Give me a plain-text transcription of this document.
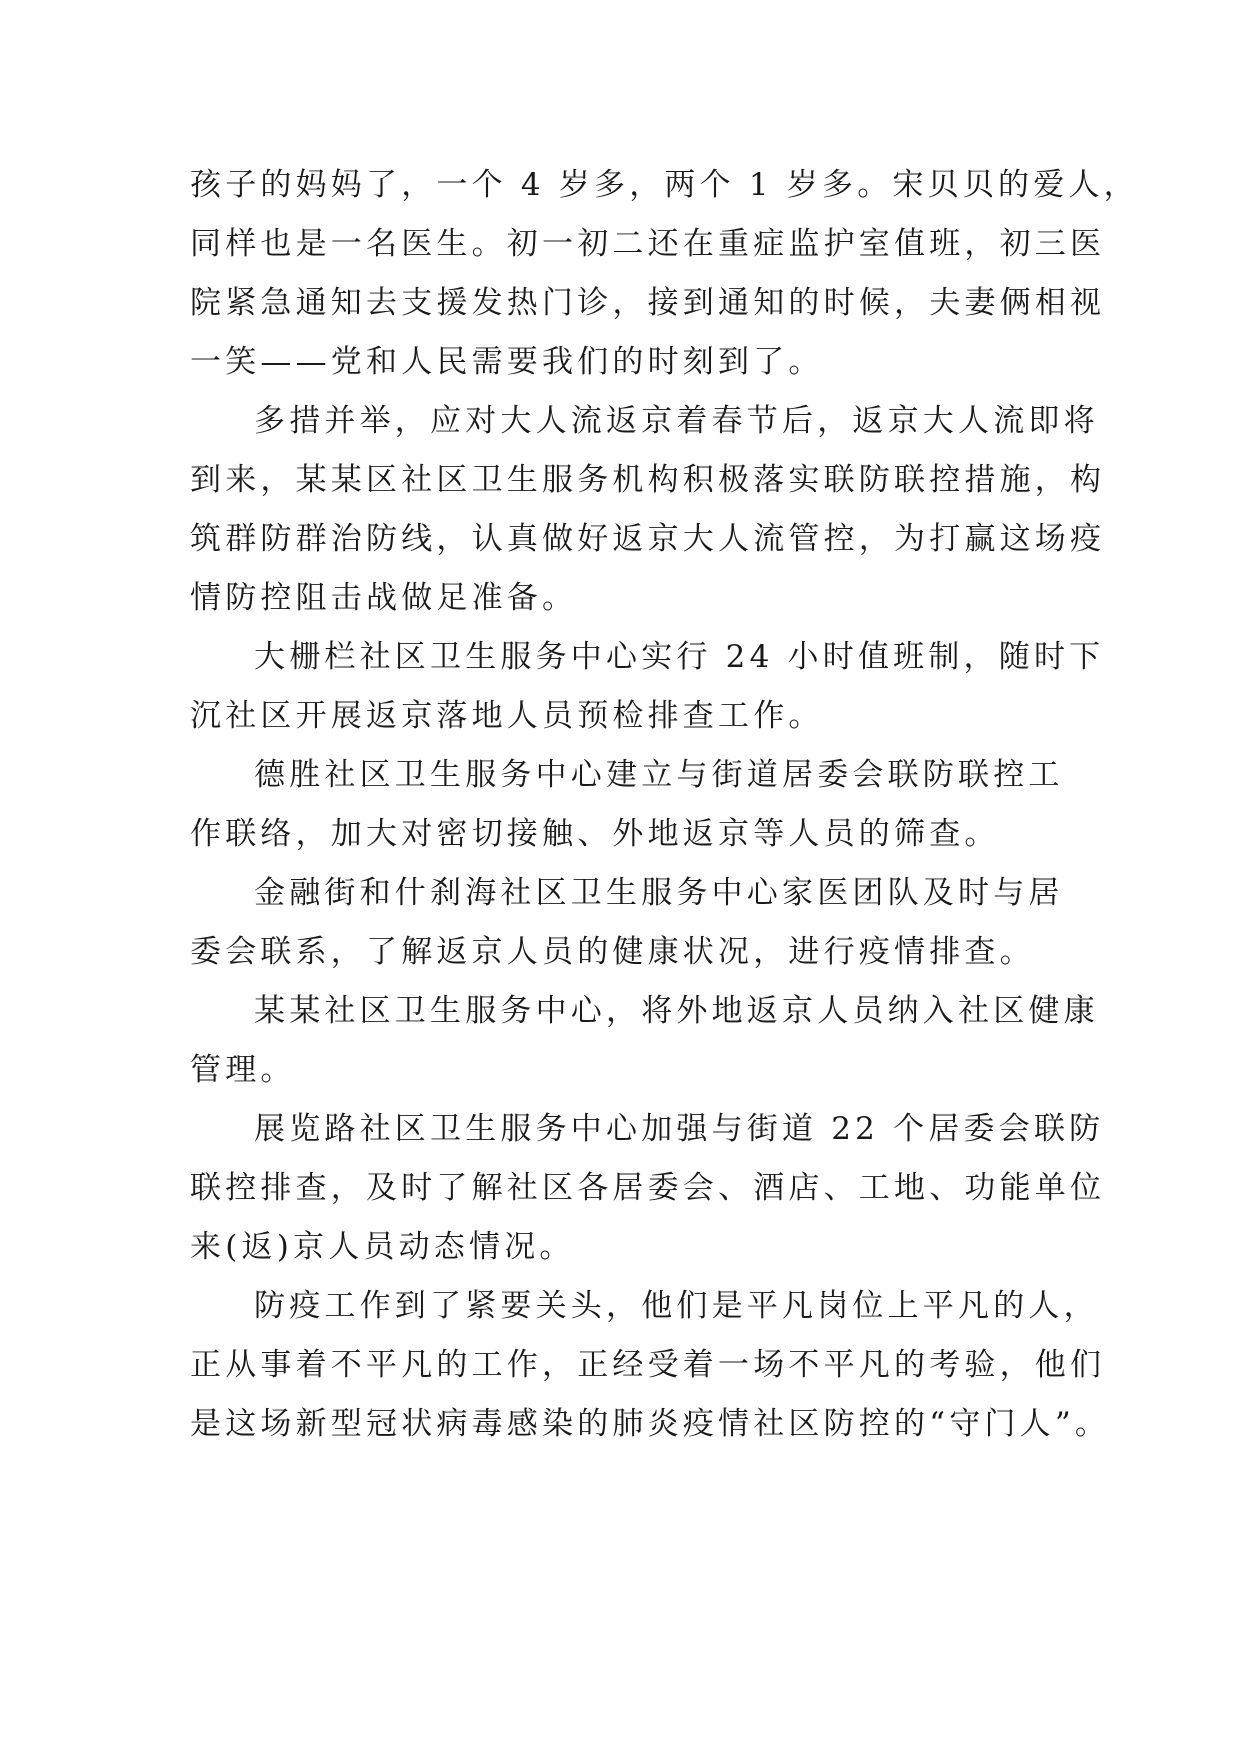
孩子的妈妈了，一个 4 岁多，两个 1 岁多。宋贝贝的爱人，
同样也是一名医生。初一初二还在重症监护室值班，初三医
院紧急通知去支援发热门诊，接到通知的时候，夫妻俩相视
一笑——党和人民需要我们的时刻到了。
多措并举，应对大人流返京着春节后，返京大人流即将
到来，某某区社区卫生服务机构积极落实联防联控措施，构
筑群防群治防线，认真做好返京大人流管控，为打赢这场疫
情防控阻击战做足准备。
大栅栏社区卫生服务中心实行 24 小时值班制，随时下
沉社区开展返京落地人员预检排查工作。
德胜社区卫生服务中心建立与街道居委会联防联控工
作联络，加大对密切接触、外地返京等人员的筛查。
金融街和什刹海社区卫生服务中心家医团队及时与居
委会联系，了解返京人员的健康状况，进行疫情排查。
某某社区卫生服务中心，将外地返京人员纳入社区健康
管理。
展览路社区卫生服务中心加强与街道 22 个居委会联防
联控排查，及时了解社区各居委会、酒店、工地、功能单位
来(返)京人员动态情况。
防疫工作到了紧要关头，他们是平凡岗位上平凡的人，
正从事着不平凡的工作，正经受着一场不平凡的考验，他们
是这场新型冠状病毒感染的肺炎疫情社区防控的“守门人”。
